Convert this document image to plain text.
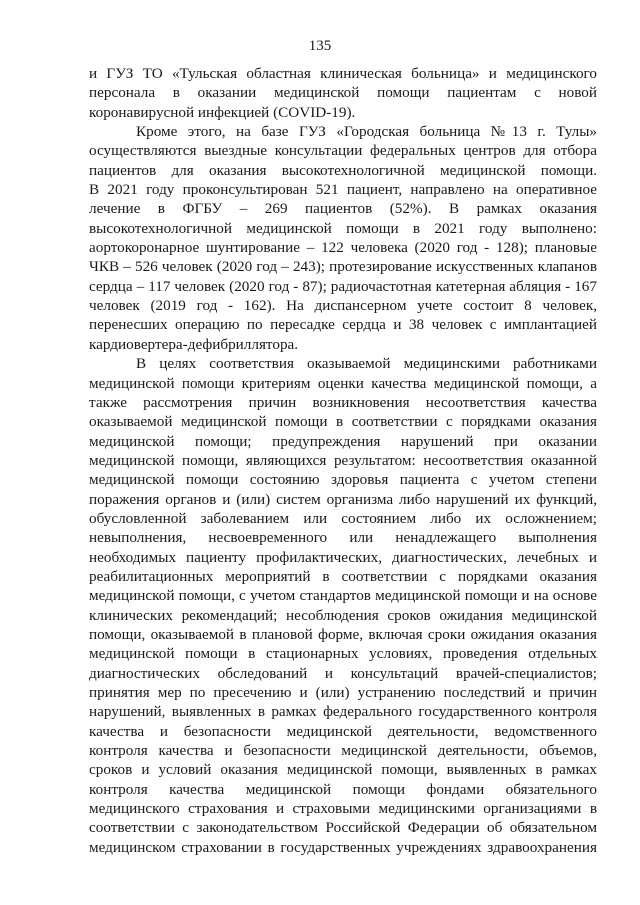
135

и ГУЗ ТО «Тульская областная клиническая больница» и медицинского
персонала в оказании медицинской помощи пациентам с новой
коронавирусной инфекцией (COVID-19).

Кроме этого, на базе ГУЗ «Городская больница №13 г. Тулы»
осуществляются выездные консультации федеральных центров для отбора
пациентов для оказания высокотехнологичной медицинской помощи.
В 2021 году проконсультирован 521 пациент, направлено на оперативное
лечение в ФГБУ – 269 пациентов (52%). В рамках оказания
высокотехнологичной медицинской помощи в 2021 году выполнено:
аортокоронарное шунтирование – 122 человека (2020 год - 128); плановые
ЧКВ – 526 человек (2020 год – 243); протезирование искусственных клапанов
сердца – 117 человек (2020 год - 87); радиочастотная катетерная абляция - 167
человек (2019 год - 162). На диспансерном учете состоит 8 человек,
перенесших операцию по пересадке сердца и 38 человек с имплантацией
кардиовертера-дефибриллятора.

В целях соответствия оказываемой медицинскими работниками
медицинской помощи критериям оценки качества медицинской помощи, а
также рассмотрения причин возникновения несоответствия качества
оказываемой медицинской помощи в соответствии с порядками оказания
медицинской помощи; предупреждения нарушений при оказании
медицинской помощи, являющихся результатом: несоответствия оказанной
медицинской помощи состоянию здоровья пациента с учетом степени
поражения органов и (или) систем организма либо нарушений их функций,
обусловленной заболеванием или состоянием либо их осложнением;
невыполнения, несвоевременного или ненадлежащего выполнения
необходимых пациенту профилактических, диагностических, лечебных и
реабилитационных мероприятий в соответствии с порядками оказания
медицинской помощи, с учетом стандартов медицинской помощи и на основе
клинических рекомендаций; несоблюдения сроков ожидания медицинской
помощи, оказываемой в плановой форме, включая сроки ожидания оказания
медицинской помощи в стационарных условиях, проведения отдельных
диагностических обследований и консультаций врачей-специалистов;
принятия мер по пресечению и (или) устранению последствий и причин
нарушений, выявленных в рамках федерального государственного контроля
качества и безопасности медицинской деятельности, ведомственного
контроля качества и безопасности медицинской деятельности, объемов,
сроков и условий оказания медицинской помощи, выявленных в рамках
контроля качества медицинской помощи фондами обязательного
медицинского страхования и страховыми медицинскими организациями в
соответствии с законодательством Российской Федерации об обязательном
медицинском страховании в государственных учреждениях здравоохранения
